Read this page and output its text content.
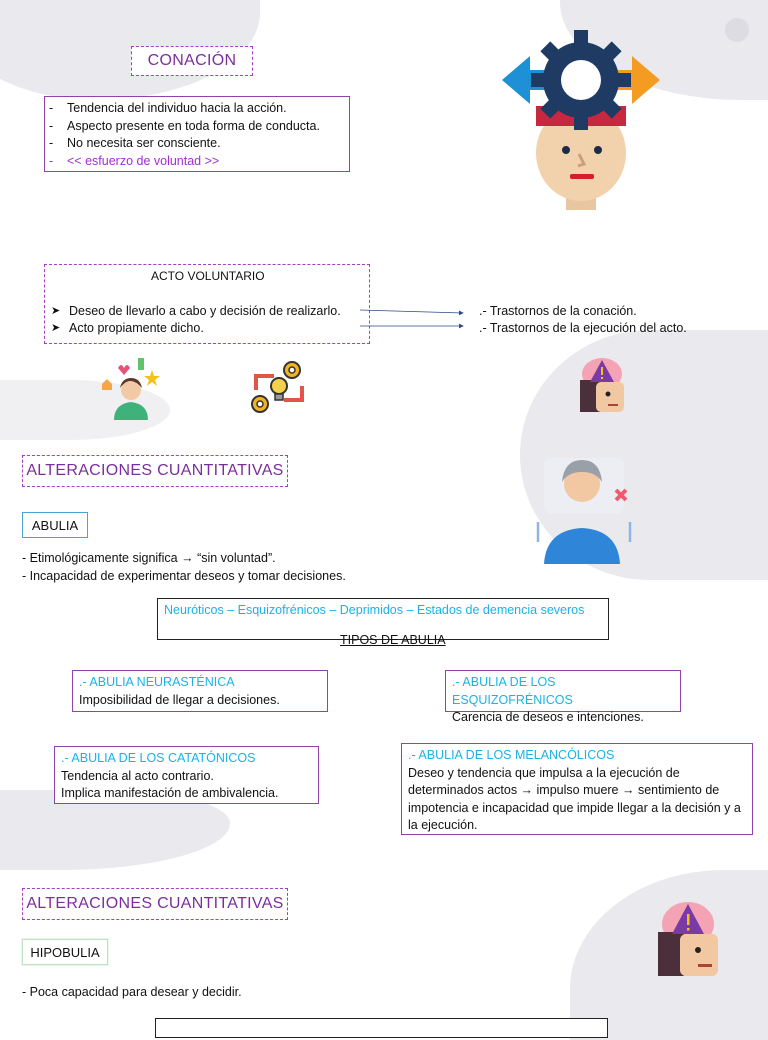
CONACIÓN
- Tendencia del individuo hacia la acción.
- Aspecto presente en toda forma de conducta.
- No necesita ser consciente.
- << esfuerzo de voluntad >>
ACTO VOLUNTARIO
➤ Deseo de llevarlo a cabo y decisión de realizarlo.
➤ Acto propiamente dicho.
.- Trastornos de la conación.
.- Trastornos de la ejecución del acto.
ALTERACIONES CUANTITATIVAS
ABULIA
- Etimológicamente significa → “sin voluntad”.
- Incapacidad de experimentar deseos y tomar decisiones.
Neuróticos – Esquizofrénicos – Deprimidos – Estados de demencia severos
TIPOS DE ABULIA
.- ABULIA NEURASTÉNICA
Imposibilidad de llegar a decisiones.
.- ABULIA DE LOS ESQUIZOFRÉNICOS
Carencia de deseos e intenciones.
.- ABULIA DE LOS CATATÓNICOS
Tendencia al acto contrario.
Implica manifestación de ambivalencia.
.- ABULIA DE LOS MELANCÓLICOS
Deseo y tendencia que impulsa a la ejecución de determinados actos → impulso muere → sentimiento de impotencia e incapacidad que impide llegar a la decisión y a la ejecución.
ALTERACIONES CUANTITATIVAS
HIPOBULIA
- Poca capacidad para desear y decidir.
